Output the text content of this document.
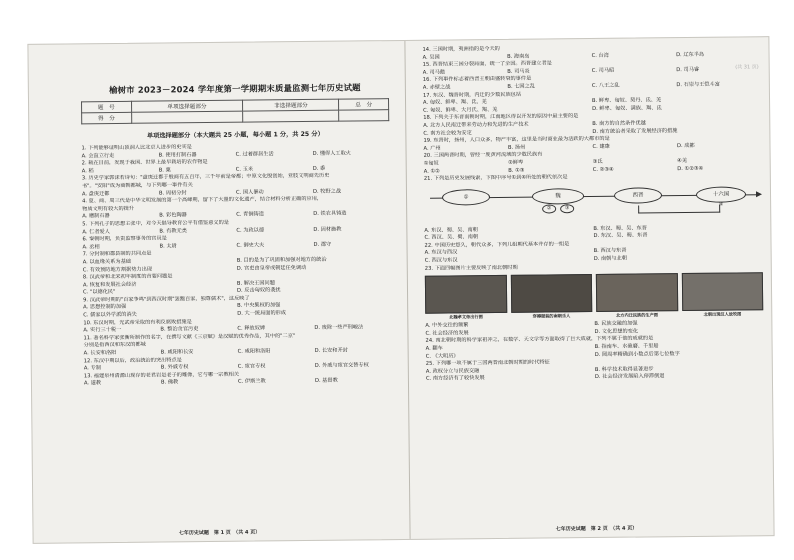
榆树市 2023－2024 学年度第一学期期末质量监测七年历史试题
题　号	单项选择题部分	非选择题部分	总　分
得　分			
单项选择题部分（本大题共 25 小题，每小题 1 分，共 25 分）
1. 下列能够证明山顶洞人比北京人进步的史实是
A. 会直立行走	B. 使用打制石器	C. 过着群居生活	D. 懂得人工取火
2. 载在目前，发现于我国、世界上最早栽培的农作物是
A. 稻	B. 粟	C. 玉米	D. 黍
3. 历史学家郭沫若诗句："盘庚迁都于殷商有五百年，三千年前是帝都；中原文化殷创始，亚肢文明商先历史
书"。"安阳"成为商朝都城，与下列哪一事件有关
A. 盘庚迁都	B. 周初分封	C. 国人暴动	D. 牧野之战
4. 夏、商、周三代是中华文明发展的第一个高峰期，留下了大量的文化遗产，结合材料分析正确的应用，
物质文明有较大的提升
A. 磨制石器	B. 彩色陶器	C. 青铜铸造	D. 铁农具铸造
5. 下列孔子的思想主张中，对今天倡导教育公平有借鉴意义的是
A. 仁者爱人	B. 有教无类	C. 为政以德	D. 因材施教
6. 秦朝时期，负责监察事务的官员是
A. 丞相	B. 太尉	C. 御史大夫	D. 郡守
7. 分封制和郡县制的共同点是
A. 以血缘关系为基础	B. 目的是为了巩固和加强对地方的统治
C. 有效预防地方割据势力出现	D. 官吏由皇帝或朝廷任免调动
8. 汉武帝和北宋初年制度的首要问题是
A. 恢复和发展社会经济	B. 解决王国问题
C. "以德化民"	D. 反击匈奴的袭扰
9. 汉武帝时期的"百家争鸣"到西汉时期"罢黜百家，独尊儒术"，这反映了
A. 思想控制的加强	B. 中央集权的加强
C. 儒家以外学派的消失	D. 大一统局面的形成
10. 东汉时期，光武帝采取的有利反腐败措施是
A. 实行三十税一	B. 整治贪官污吏	C. 释放奴婢	D. 废除一些严刑峻法
11. 著名科学家张衡所制作的名字，在撰写文献《三京赋》是汉赋的优秀作品，其中的"二京"
分别是指西汉和东汉的都城
A. 长安和洛阳	B. 咸阳和长安	C. 咸阳和洛阳	D. 长安和开封
12. 东汉中期以后，政治统治的突出特点是
A. 专制	B. 外戚专权	C. 宦官专权	D. 外戚与宦官交替专权
13. 福建泉州清源山现存的老君岩是老子的雕像，它与哪一宗教相关
A. 道教	B. 佛教	C. 伊斯兰教	D. 基督教
七年历史试题　第 1 页　（共 4 页）
(共 31 页)
14. 三国时期，夷洲指的是今天的
A. 吴国	B. 海南岛	C. 台湾	D. 辽东半岛
15. 西晋结束三国分裂局面，统一了全国。西晋建立者是
A. 司马懿	B. 司马炎	C. 司马昭	D. 司马睿
16. 下列事件标志着西晋王朝由盛转衰的事件是
A. 赤壁之战	B. 七国之乱	C. 八王之乱	D. 石崇与王恺斗富
17. 东汉、魏晋时期，内迁的少数民族包括
A. 匈奴、鲜卑、羯、氐、羌	B. 鲜卑、匈奴、契丹、氐、羌
C. 匈奴、鲜卑、大月氏、羯、羌	D. 鲜卑、匈奴、满族、羯、氐
18. 下列关于东晋南朝时期，江南地区得以开发的原因中最主要的是
A. 北方人民南迁带来劳动力和先进的生产技术	B. 南方的自然条件优越
C. 南方社会较为安定	D. 南方统治者采取了发展经济的措施
19. 东晋时，扬州，人口众多，物产丰富，这里是当时商业最为活跃的大都市的是
A. 广州	B. 扬州	C. 建康	D. 成都
20. 三国两晋时期，曾经一度黄河流域的少数民族有
①匈奴	②鲜卑	③氐	④羌
A. ①②	B. ①③	C. ②③④	D. ①②③④
21. 下列是历史发展线索，下图中序号①到④所处的朝代依次是
①	魏
②	③
西晋	十六国
④
A. 东汉、蜀、吴、南朝	B. 东汉、蜀、吴、东晋
C. 西汉、吴、蜀、南朝	D. 东汉、吴、蜀、东晋
22. 中国历史悠久，朝代众多，下列几组朝代基本并存的一组是
A. 东汉与西汉	B. 西汉与东晋
C. 西汉与东汉	D. 南朝与北朝
23. 下面四幅图片主要反映了南北朝时期
北魏孝文帝出行图	穿褥服装的南朝乐人	北方内迁民族的生产图	北朝出现汉人放牧图
A. 中外交往的频繁	B. 民族交融的加强
C. 社会经济的发展	D. 文化思想的变化
24. 南北朝时期的科学家祖冲之，在数学、天文学等方面取得了巨大成就，下列不属于他的成就的是
A. 翻车	B. 指南车、水碓磨、千里船
C. 《大明历》	D. 圆周率精确到小数点后第七位数字
25. 下列哪一项不属于三国两晋南北朝时期的时代特征
A. 政权分立与民族交融	B. 科学技术取得显著进步
C. 南方经济有了较快发展	D. 社会经济发展陷入停滞倒退
七年历史试题　第 2 页　（共 4 页）
